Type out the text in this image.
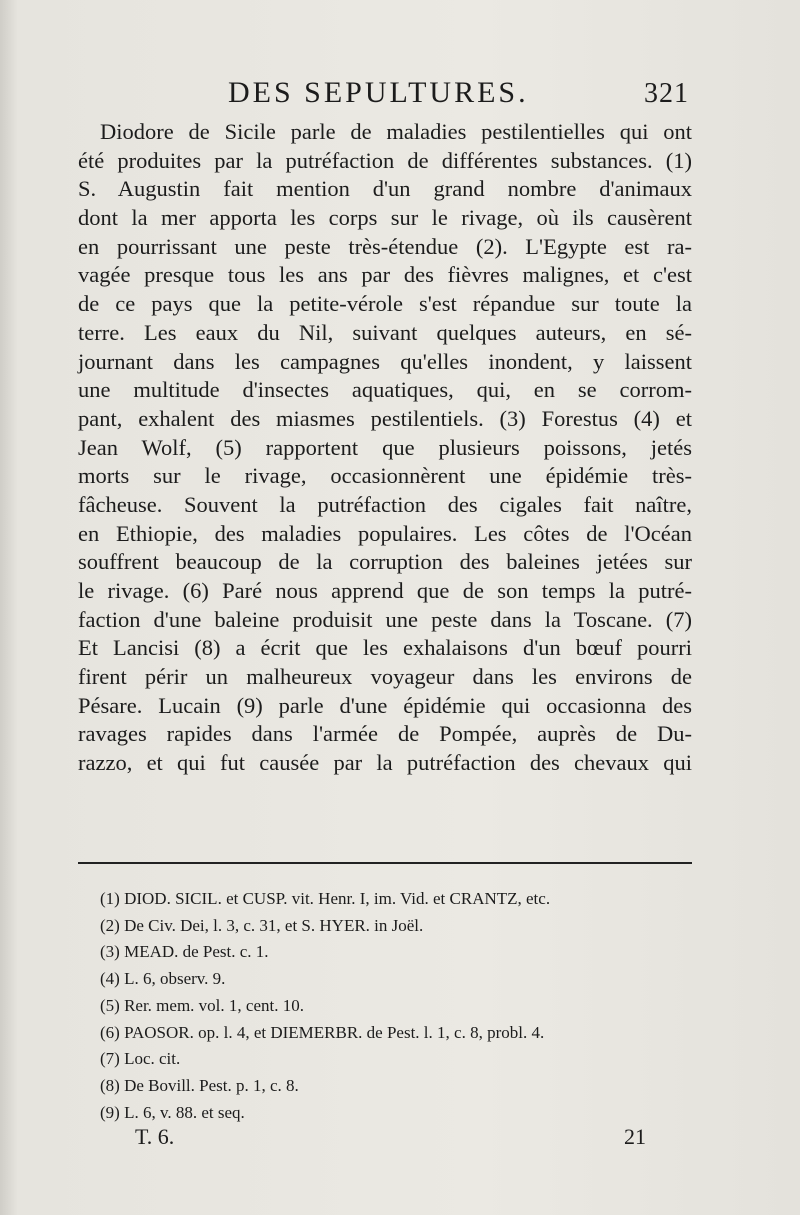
DES SEPULTURES.	321
Diodore de Sicile parle de maladies pestilentielles qui ont
été produites par la putréfaction de différentes substances. (1)
S. Augustin fait mention d'un grand nombre d'animaux
dont la mer apporta les corps sur le rivage, où ils causèrent
en pourrissant une peste très-étendue (2). L'Egypte est ra-
vagée presque tous les ans par des fièvres malignes, et c'est
de ce pays que la petite-vérole s'est répandue sur toute la
terre. Les eaux du Nil, suivant quelques auteurs, en sé-
journant dans les campagnes qu'elles inondent, y laissent
une multitude d'insectes aquatiques, qui, en se corrom-
pant, exhalent des miasmes pestilentiels. (3) Forestus (4) et
Jean Wolf, (5) rapportent que plusieurs poissons, jetés
morts sur le rivage, occasionnèrent une épidémie très-
fâcheuse. Souvent la putréfaction des cigales fait naître,
en Ethiopie, des maladies populaires. Les côtes de l'Océan
souffrent beaucoup de la corruption des baleines jetées sur
le rivage. (6) Paré nous apprend que de son temps la putré-
faction d'une baleine produisit une peste dans la Toscane. (7)
Et Lancisi (8) a écrit que les exhalaisons d'un bœuf pourri
firent périr un malheureux voyageur dans les environs de
Pésare. Lucain (9) parle d'une épidémie qui occasionna des
ravages rapides dans l'armée de Pompée, auprès de Du-
razzo, et qui fut causée par la putréfaction des chevaux qui
(1) DIOD. SICIL. et CUSP. vit. Henr. I, im. Vid. et CRANTZ, etc.
(2) De Civ. Dei, l. 3, c. 31, et S. HYER. in Joël.
(3) MEAD. de Pest. c. 1.
(4) L. 6, observ. 9.
(5) Rer. mem. vol. 1, cent. 10.
(6) PAOSOR. op. l. 4, et DIEMERBR. de Pest. l. 1, c. 8, probl. 4.
(7) Loc. cit.
(8) De Bovill. Pest. p. 1, c. 8.
(9) L. 6, v. 88. et seq.
T. 6.	21
